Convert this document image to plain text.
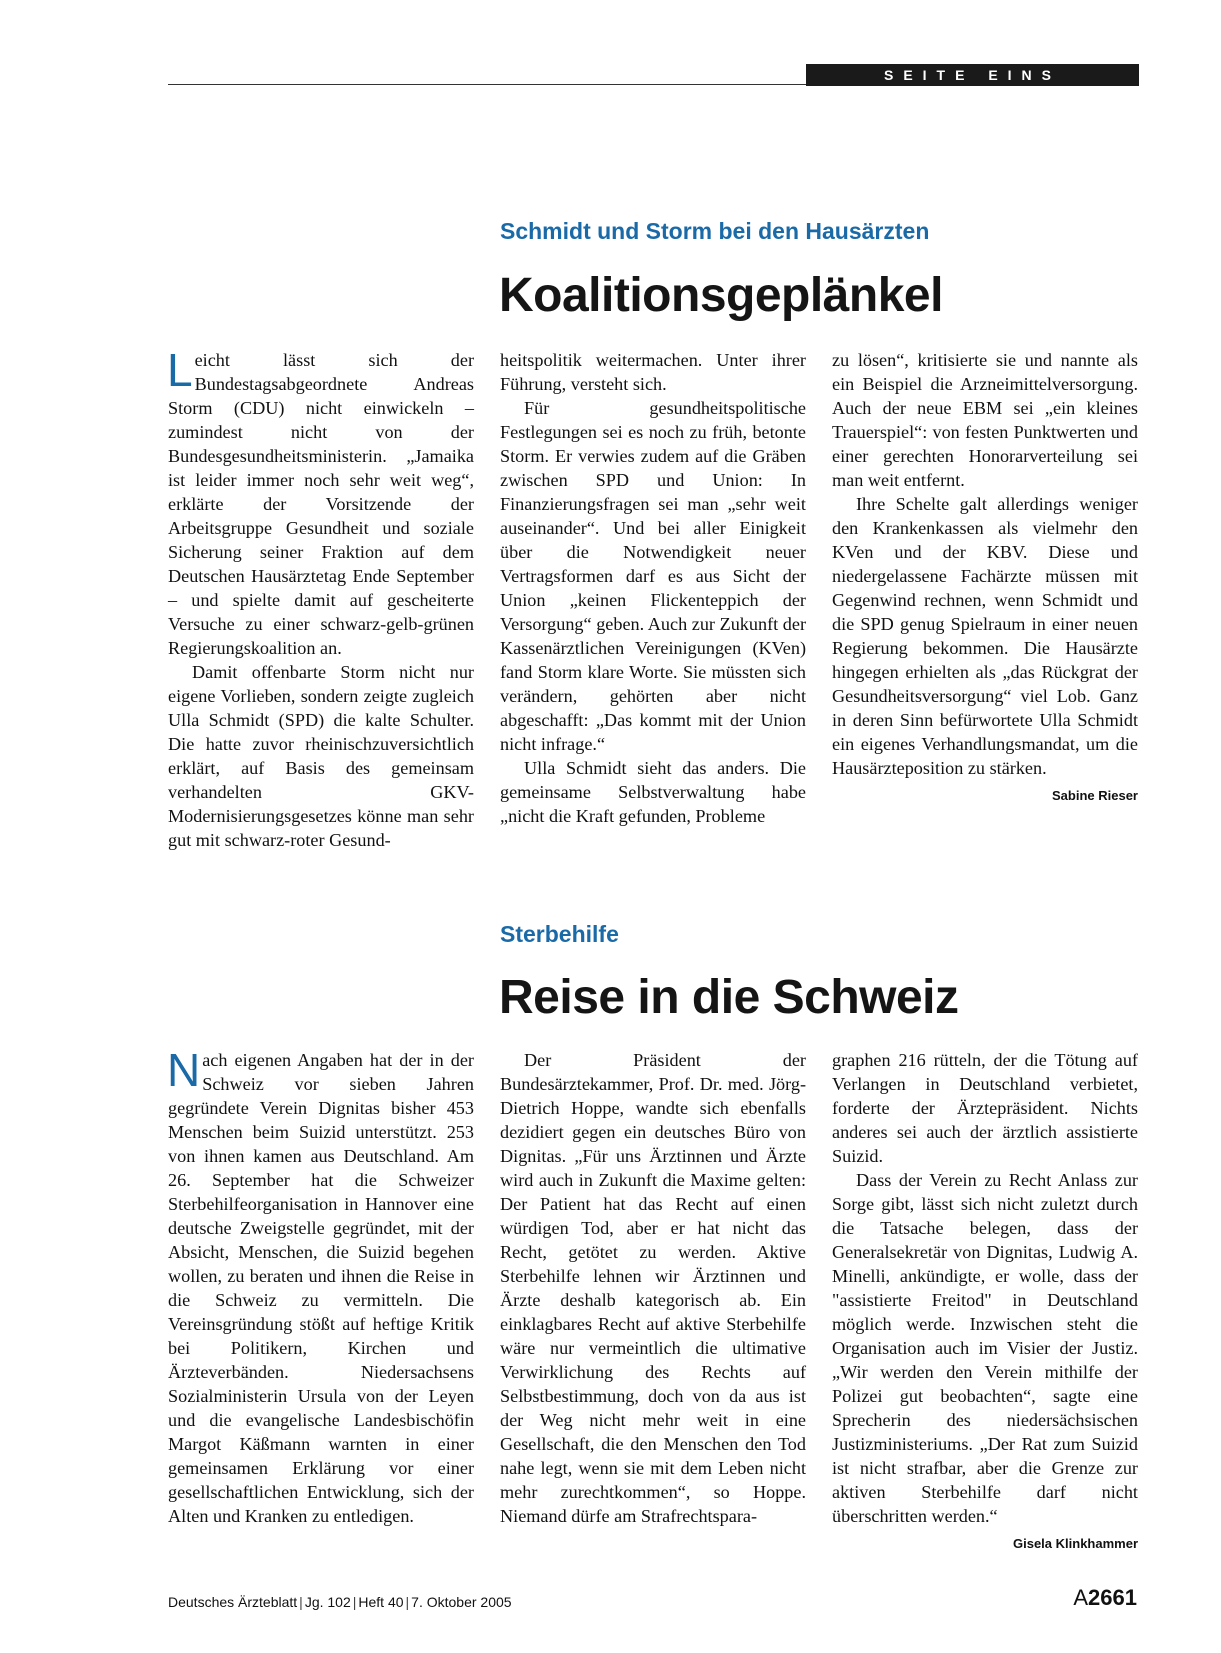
SEITE EINS
Schmidt und Storm bei den Hausärzten
Koalitionsgeplänkel

Leicht lässt sich der Bundestagsabgeordnete Andreas Storm (CDU) nicht einwickeln – zumindest nicht von der Bundesgesundheitsministerin. „Jamaika ist leider immer noch sehr weit weg“, erklärte der Vorsitzende der Arbeitsgruppe Gesundheit und soziale Sicherung seiner Fraktion auf dem Deutschen Hausärztetag Ende September – und spielte damit auf gescheiterte Versuche zu einer schwarz-gelb-grünen Regierungskoalition an.

Damit offenbarte Storm nicht nur eigene Vorlieben, sondern zeigte zugleich Ulla Schmidt (SPD) die kalte Schulter. Die hatte zuvor rheinischzuversichtlich erklärt, auf Basis des gemeinsam verhandelten GKV-Modernisierungsgesetzes könne man sehr gut mit schwarz-roter Gesund-

heitspolitik weitermachen. Unter ihrer Führung, versteht sich.

Für gesundheitspolitische Festlegungen sei es noch zu früh, betonte Storm. Er verwies zudem auf die Gräben zwischen SPD und Union: In Finanzierungsfragen sei man „sehr weit auseinander“. Und bei aller Einigkeit über die Notwendigkeit neuer Vertragsformen darf es aus Sicht der Union „keinen Flickenteppich der Versorgung“ geben. Auch zur Zukunft der Kassenärztlichen Vereinigungen (KVen) fand Storm klare Worte. Sie müssten sich verändern, gehörten aber nicht abgeschafft: „Das kommt mit der Union nicht infrage.“

Ulla Schmidt sieht das anders. Die gemeinsame Selbstverwaltung habe „nicht die Kraft gefunden, Probleme

zu lösen“, kritisierte sie und nannte als ein Beispiel die Arzneimittelversorgung. Auch der neue EBM sei „ein kleines Trauerspiel“: von festen Punktwerten und einer gerechten Honorarverteilung sei man weit entfernt.

Ihre Schelte galt allerdings weniger den Krankenkassen als vielmehr den KVen und der KBV. Diese und niedergelassene Fachärzte müssen mit Gegenwind rechnen, wenn Schmidt und die SPD genug Spielraum in einer neuen Regierung bekommen. Die Hausärzte hingegen erhielten als „das Rückgrat der Gesundheitsversorgung“ viel Lob. Ganz in deren Sinn befürwortete Ulla Schmidt ein eigenes Verhandlungsmandat, um die Hausärzteposition zu stärken.
Sabine Rieser

Sterbehilfe
Reise in die Schweiz

Nach eigenen Angaben hat der in der Schweiz vor sieben Jahren gegründete Verein Dignitas bisher 453 Menschen beim Suizid unterstützt. 253 von ihnen kamen aus Deutschland. Am 26. September hat die Schweizer Sterbehilfeorganisation in Hannover eine deutsche Zweigstelle gegründet, mit der Absicht, Menschen, die Suizid begehen wollen, zu beraten und ihnen die Reise in die Schweiz zu vermitteln. Die Vereinsgründung stößt auf heftige Kritik bei Politikern, Kirchen und Ärzteverbänden. Niedersachsens Sozialministerin Ursula von der Leyen und die evangelische Landesbischöfin Margot Käßmann warnten in einer gemeinsamen Erklärung vor einer gesellschaftlichen Entwicklung, sich der Alten und Kranken zu entledigen.

Der Präsident der Bundesärztekammer, Prof. Dr. med. Jörg-Dietrich Hoppe, wandte sich ebenfalls dezidiert gegen ein deutsches Büro von Dignitas. „Für uns Ärztinnen und Ärzte wird auch in Zukunft die Maxime gelten: Der Patient hat das Recht auf einen würdigen Tod, aber er hat nicht das Recht, getötet zu werden. Aktive Sterbehilfe lehnen wir Ärztinnen und Ärzte deshalb kategorisch ab. Ein einklagbares Recht auf aktive Sterbehilfe wäre nur vermeintlich die ultimative Verwirklichung des Rechts auf Selbstbestimmung, doch von da aus ist der Weg nicht mehr weit in eine Gesellschaft, die den Menschen den Tod nahe legt, wenn sie mit dem Leben nicht mehr zurechtkommen“, so Hoppe. Niemand dürfe am Strafrechtspara-

graphen 216 rütteln, der die Tötung auf Verlangen in Deutschland verbietet, forderte der Ärztepräsident. Nichts anderes sei auch der ärztlich assistierte Suizid.

Dass der Verein zu Recht Anlass zur Sorge gibt, lässt sich nicht zuletzt durch die Tatsache belegen, dass der Generalsekretär von Dignitas, Ludwig A. Minelli, ankündigte, er wolle, dass der "assistierte Freitod" in Deutschland möglich werde. Inzwischen steht die Organisation auch im Visier der Justiz. „Wir werden den Verein mithilfe der Polizei gut beobachten“, sagte eine Sprecherin des niedersächsischen Justizministeriums. „Der Rat zum Suizid ist nicht strafbar, aber die Grenze zur aktiven Sterbehilfe darf nicht überschritten werden.“
Gisela Klinkhammer

Deutsches Ärzteblatt | Jg. 102 | Heft 40 | 7. Oktober 2005	A2661
